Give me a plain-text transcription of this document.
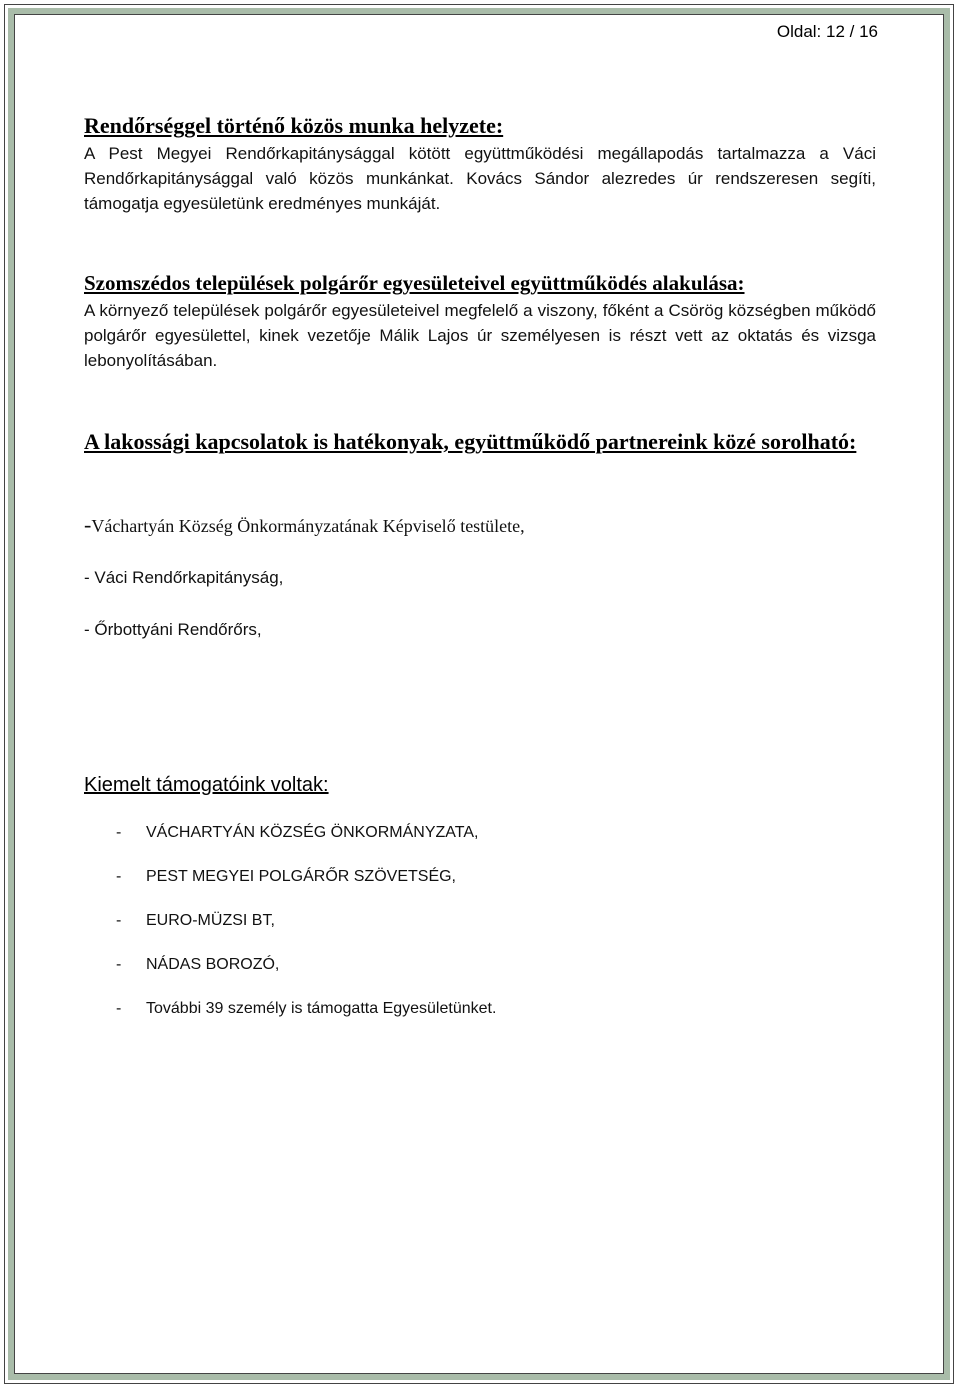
Oldal: 12 / 16
Rendőrséggel történő közös munka helyzete:

A Pest Megyei Rendőrkapitánysággal kötött együttműködési megállapodás tartalmazza a Váci Rendőrkapitánysággal való közös munkánkat. Kovács Sándor alezredes úr rendszeresen segíti, támogatja egyesületünk eredményes munkáját.

Szomszédos települések polgárőr egyesületeivel együttműködés alakulása:

A környező települések polgárőr egyesületeivel megfelelő a viszony, főként a Csörög községben működő polgárőr egyesülettel, kinek vezetője Málik Lajos úr személyesen is részt vett az oktatás és vizsga lebonyolításában.

A lakossági kapcsolatok is hatékonyak, együttműködő partnereink közé sorolható:
-Váchartyán Község Önkormányzatának Képviselő testülete,
- Váci Rendőrkapitányság,
- Őrbottyáni Rendőrőrs,
Kiemelt támogatóink voltak:
- VÁCHARTYÁN KÖZSÉG ÖNKORMÁNYZATA,
- PEST MEGYEI POLGÁRŐR SZÖVETSÉG,
- EURO-MÜZSI BT,
- NÁDAS BOROZÓ,
- További 39 személy is támogatta Egyesületünket.
